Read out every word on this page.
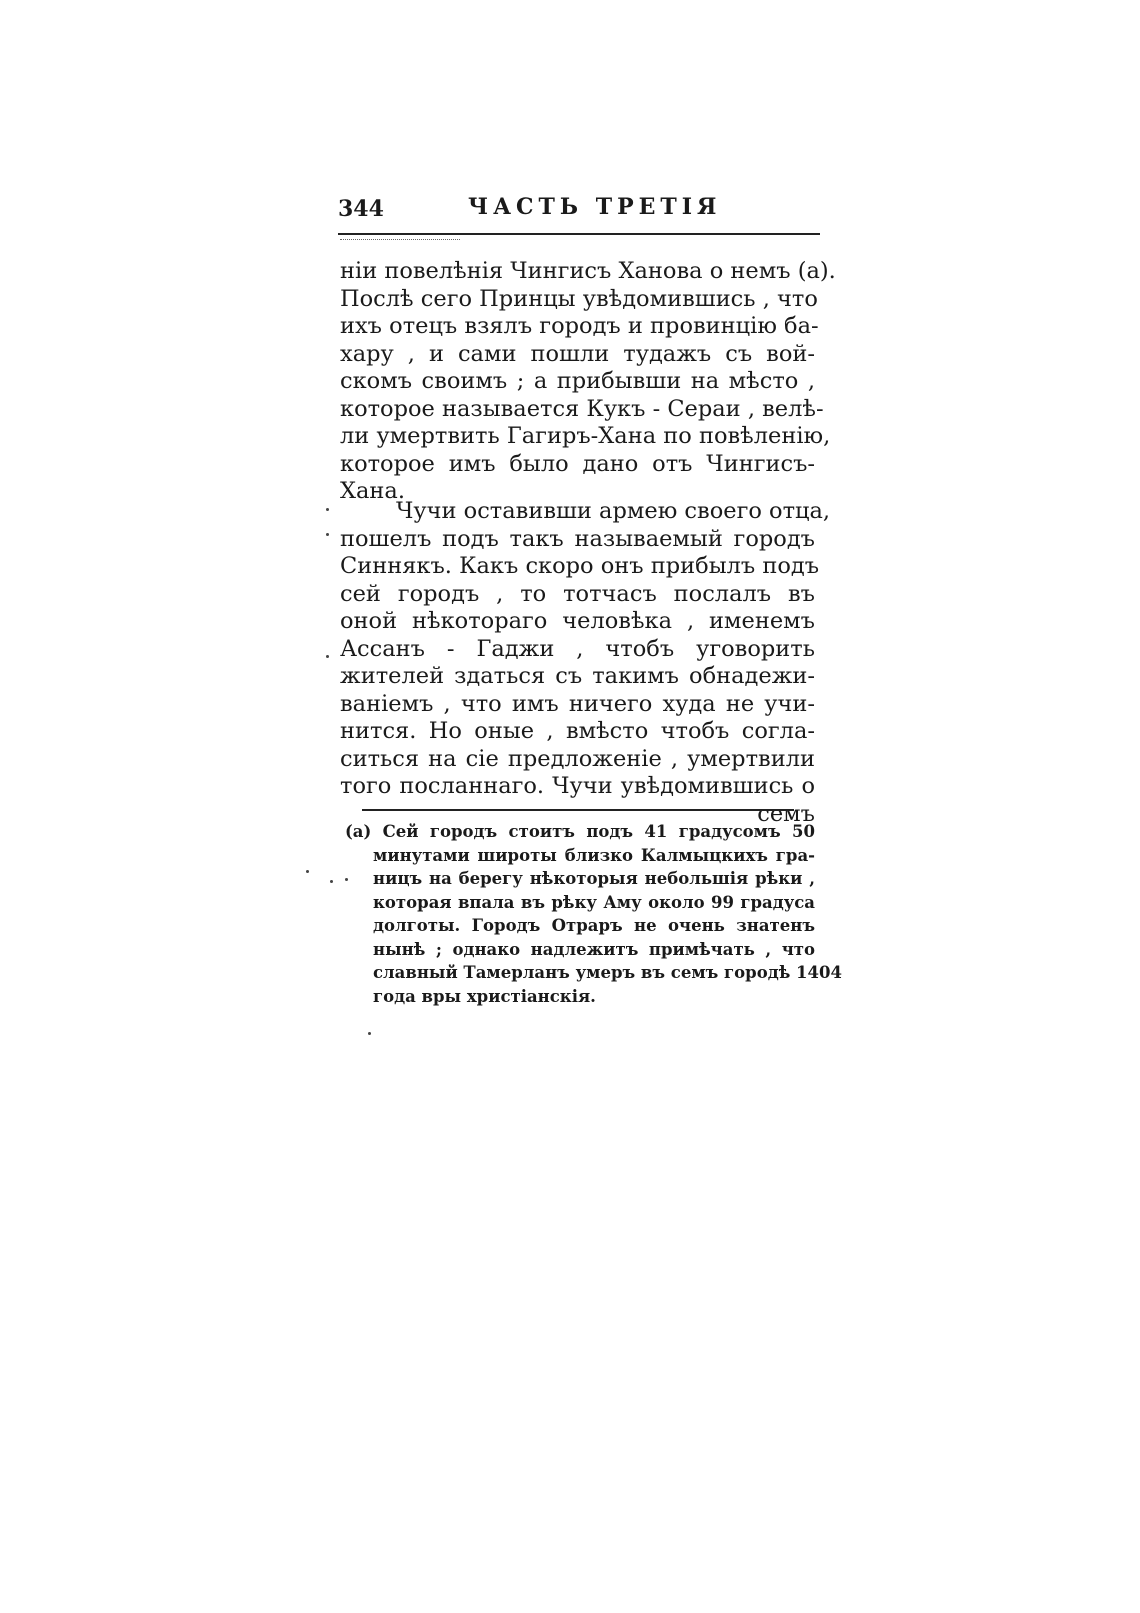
344	ЧАСТЬ ТРЕТІЯ
нiи повелѣнiя Чингисъ Ханова о немъ (a).
Послѣ сего Принцы увѣдомившись , что
ихъ отецъ взялъ городъ и провинцiю ба-
хару , и сами пошли тудажъ съ вой-
скомъ своимъ ; а прибывши на мѣсто ,
которое называется Кукъ - Сераи , велѣ-
ли умертвить Гагиръ-Хана по повѣленiю,
которое имъ было дано отъ Чингисъ-
Хана.
Чучи оставивши армею своего отца,
пошелъ подъ такъ называемый городъ
Синнякъ. Какъ скоро онъ прибылъ подъ
сей городъ , то тотчасъ послалъ въ
оной нѣкотораго человѣка , именемъ
Ассанъ - Гаджи , чтобъ уговорить
жителей здаться съ такимъ обнадежи-
ванiемъ , что имъ ничего худа не учи-
нится. Но оные , вмѣсто чтобъ согла-
ситься на сiе предложенiе , умертвили
того посланнаго. Чучи увѣдомившись о
семъ
(a) Сей городъ стоитъ подъ 41 градусомъ 50
минутами широты близко Калмыцкихъ гра-
ницъ на берегу нѣкоторыя небольшiя рѣки ,
которая впала въ рѣку Аму около 99 градуса
долготы. Городъ Отраръ не очень знатенъ
нынѣ ; однако надлежитъ примѣчать , что
славный Тамерланъ умеръ въ семъ городѣ 1404
года вры христiанскiя.
